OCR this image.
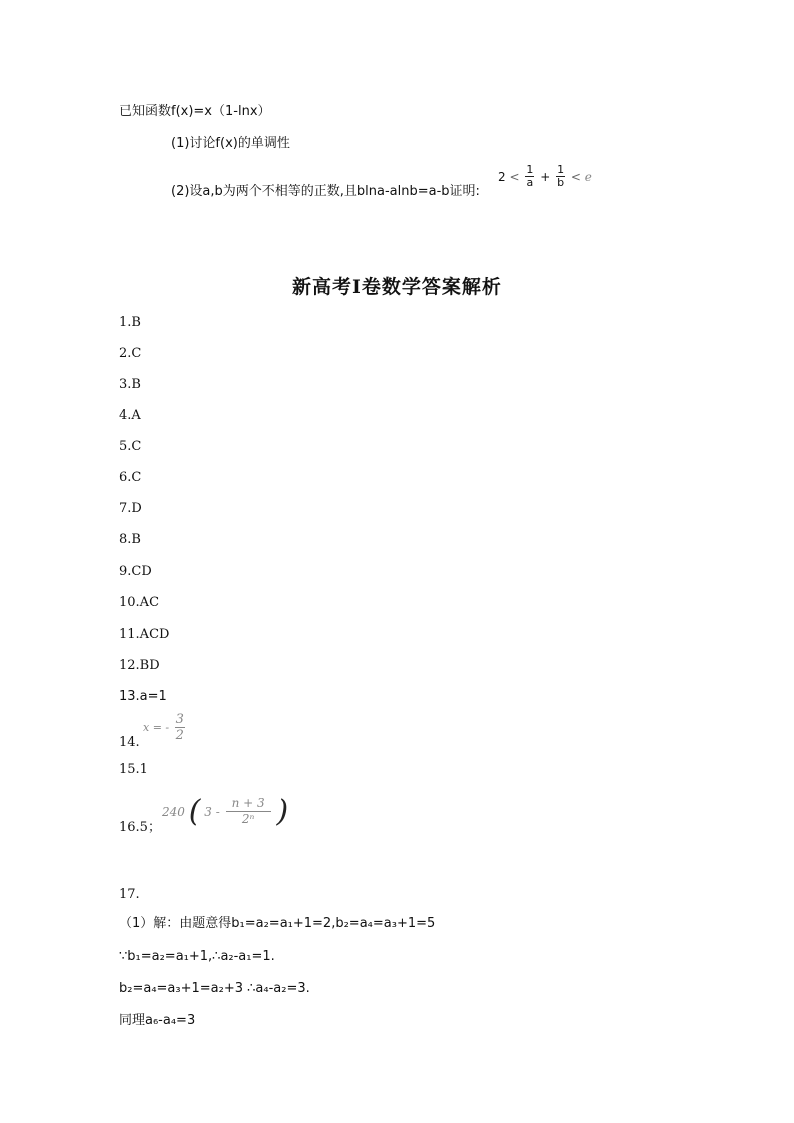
已知函数f(x)=x（1-lnx）
(1)讨论f(x)的单调性
(2)设a,b为两个不相等的正数,且blna-alnb=a-b证明:
$2 < \frac{1}{a} + \frac{1}{b} < e$
新高考Ⅰ卷数学答案解析
1.B
2.C
3.B
4.A
5.C
6.C
7.D
8.B
9.CD
10.AC
11.ACD
12.BD
13.a=1
14.
x = - $\frac{3}{2}$
15.1
16.5；
240 ( $3 - \frac{n + 3}{\text{2ⁿ}}$ )
17.
（1）解：由题意得b₁=a₂=a₁+1=2,b₂=a₄=a₃+1=5
∵b₁=a₂=a₁+1,∴a₂-a₁=1.
b₂=a₄=a₃+1=a₂+3 ∴a₄-a₂=3.
同理a₆-a₄=3
